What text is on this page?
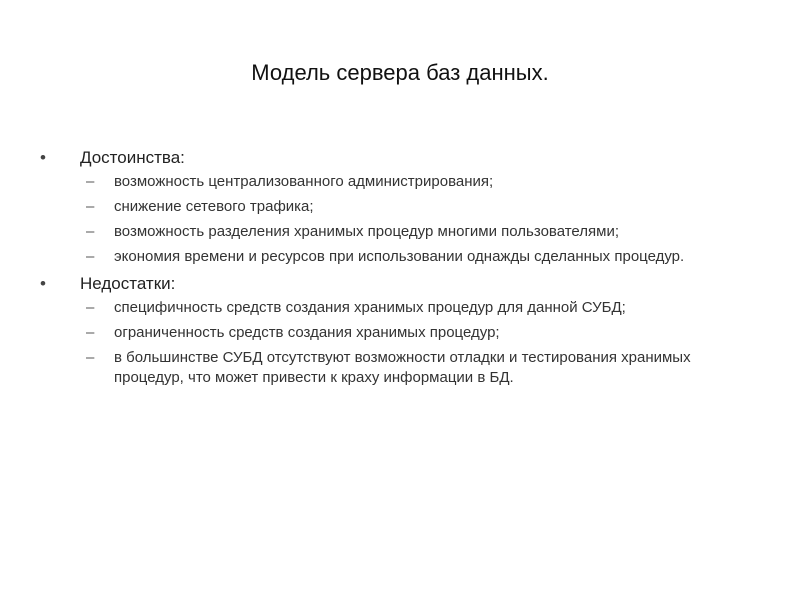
Модель сервера баз данных.
•	Достоинства:
–	возможность централизованного администрирования;
–	снижение сетевого трафика;
–	возможность разделения хранимых процедур многими пользователями;
–	экономия времени и ресурсов при использовании однажды сделанных процедур.
•	Недостатки:
–	специфичность средств создания хранимых процедур для данной СУБД;
–	ограниченность средств создания хранимых процедур;
–	в большинстве СУБД отсутствуют возможности отладки и тестирования хранимых процедур, что может привести к краху информации в БД.
